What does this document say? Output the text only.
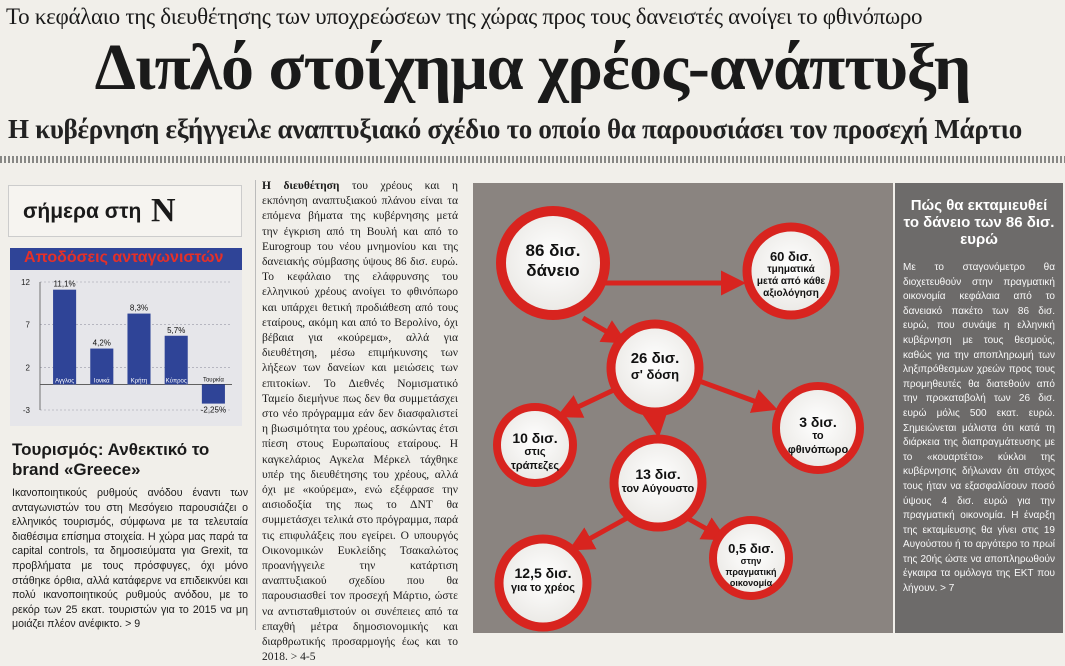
Το κεφάλαιο της διευθέτησης των υποχρεώσεων της χώρας προς τους δανειστές ανοίγει το φθινόπωρο
Διπλό στοίχημα χρέος-ανάπτυξη
Η κυβέρνηση εξήγγειλε αναπτυξιακό σχέδιο το οποίο θα παρουσιάσει τον προσεχή Μάρτιο
σήμερα στη Ν
Αποδόσεις ανταγωνιστών
12
7
2
-3
11,1%
Αγγλος
4,2%
Ιονικά
8,3%
Κρήτη
5,7%
Κύπρος
-2,25%
Τουρκία
Τουρισμός: Ανθεκτικό το brand «Greece»
Ικανοποιητικούς ρυθμούς ανόδου έναντι των ανταγωνιστών του στη Μεσόγειο παρουσιάζει ο ελληνικός τουρισμός, σύμφωνα με τα τελευταία διαθέσιμα επίσημα στοιχεία. Η χώρα μας παρά τα capital controls, τα δημοσιεύματα για Grexit, τα προβλήματα με τους πρόσφυγες, όχι μόνο στάθηκε όρθια, αλλά κατάφερνε να επιδεικνύει και πολύ ικανοποιητικούς ρυθμούς ανόδου, με το ρεκόρ των 25 εκατ. τουριστών για το 2015 να μη μοιάζει πλέον ανέφικτο. > 9
Η διευθέτηση του χρέους και η εκπόνηση αναπτυξιακού πλάνου είναι τα επόμενα βήματα της κυβέρνησης μετά την έγκριση από τη Βουλή και από το Eurogroup του νέου μνημονίου και της δανειακής σύμβασης ύψους 86 δισ. ευρώ. Το κεφάλαιο της ελάφρυνσης του ελληνικού χρέους ανοίγει το φθινόπωρο και υπάρχει θετική προδιάθεση από τους εταίρους, ακόμη και από το Βερολίνο, όχι βέβαια για «κούρεμα», αλλά για διευθέτηση, μέσω επιμήκυνσης των λήξεων των δανείων και μειώσεις των επιτοκίων. Το Διεθνές Νομισματικό Ταμείο διεμήνυε πως δεν θα συμμετάσχει στο νέο πρόγραμμα εάν δεν διασφαλιστεί η βιωσιμότητα του χρέους, ασκώντας έτσι πίεση στους Ευρωπαίους εταίρους. Η καγκελάριος Αγκελα Μέρκελ τάχθηκε υπέρ της διευθέτησης του χρέους, αλλά όχι με «κούρεμα», ενώ εξέφρασε την αισιοδοξία της πως το ΔΝΤ θα συμμετάσχει τελικά στο πρόγραμμα, παρά τις επιφυλάξεις που εγείρει. Ο υπουργός Οικονομικών Ευκλείδης Τσακαλώτος προανήγγειλε την κατάρτιση αναπτυξιακού σχεδίου που θα παρουσιασθεί τον προσεχή Μάρτιο, ώστε να αντισταθμιστούν οι συνέπειες από τα επαχθή μέτρα δημοσιονομικής και διαρθρωτικής προσαρμογής έως και το 2018. > 4-5
86 δισ.
δάνειο
60 δισ.
τμηματικά μετά από κάθε αξιολόγηση
26 δισ.
σ' δόση
10 δισ.
στις τράπεζες
3 δισ.
το φθινόπωρο
13 δισ.
τον Αύγουστο
12,5 δισ.
για το χρέος
0,5 δισ.
στην πραγματική οικονομία
Πώς θα εκταμιευθεί το δάνειο των 86 δισ. ευρώ
Με το σταγονόμετρο θα διοχετευθούν στην πραγματική οικονομία κεφάλαια από το δανειακό πακέτο των 86 δισ. ευρώ, που συνάψε η ελληνική κυβέρνηση με τους θεσμούς, καθώς για την αποπληρωμή των ληξιπρόθεσμων χρεών προς τους προμηθευτές θα διατεθούν από την προκαταβολή των 26 δισ. ευρώ μόλις 500 εκατ. ευρώ. Σημειώνεται μάλιστα ότι κατά τη διάρκεια της διαπραγμάτευσης με το «κουαρτέτο» κύκλοι της κυβέρνησης δήλωναν ότι στόχος τους ήταν να εξασφαλίσουν ποσό ύψους 4 δισ. ευρώ για την πραγματική οικονομία. Η έναρξη της εκταμίευσης θα γίνει στις 19 Αυγούστου ή το αργότερο το πρωί της 20ής ώστε να αποπληρωθούν έγκαιρα τα ομόλογα της ΕΚΤ που λήγουν. > 7
